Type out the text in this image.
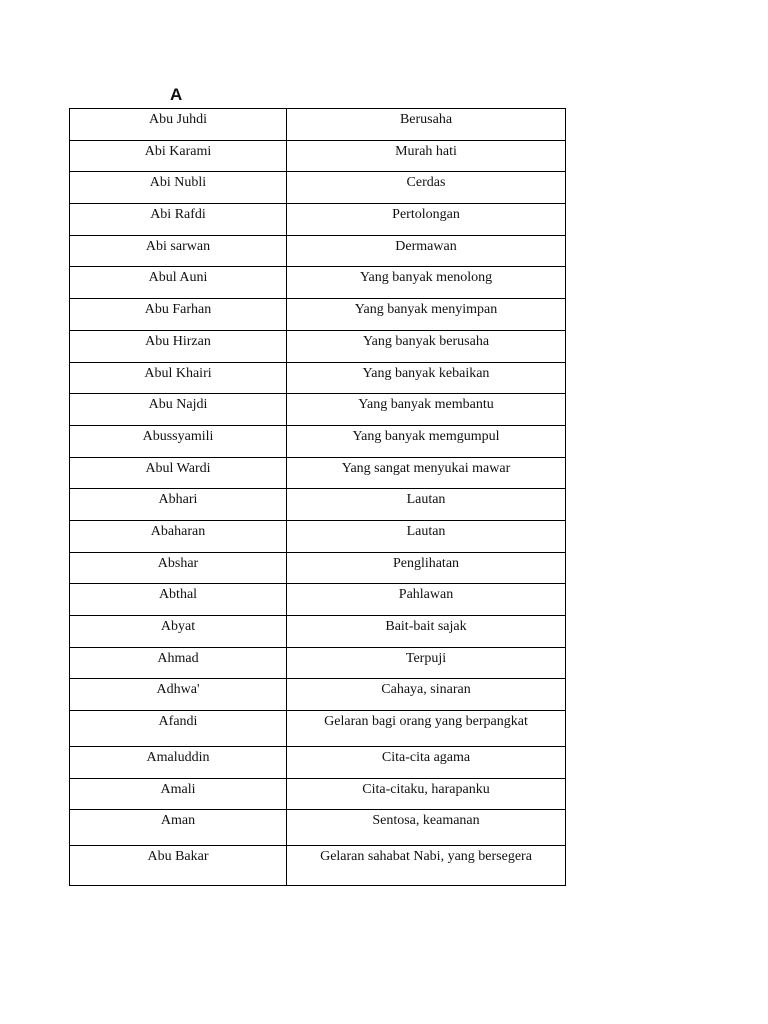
A
Abu Juhdi	Berusaha
Abi Karami	Murah hati
Abi Nubli	Cerdas
Abi Rafdi	Pertolongan
Abi sarwan	Dermawan
Abul Auni	Yang banyak menolong
Abu Farhan	Yang banyak menyimpan
Abu Hirzan	Yang banyak berusaha
Abul Khairi	Yang banyak kebaikan
Abu Najdi	Yang banyak membantu
Abussyamili	Yang banyak memgumpul
Abul Wardi	Yang sangat menyukai mawar
Abhari	Lautan
Abaharan	Lautan
Abshar	Penglihatan
Abthal	Pahlawan
Abyat	Bait-bait sajak
Ahmad	Terpuji
Adhwa'	Cahaya, sinaran
Afandi	Gelaran bagi orang yang berpangkat
Amaluddin	Cita-cita agama
Amali	Cita-citaku, harapanku
Aman	Sentosa, keamanan
Abu Bakar	Gelaran sahabat Nabi, yang bersegera
